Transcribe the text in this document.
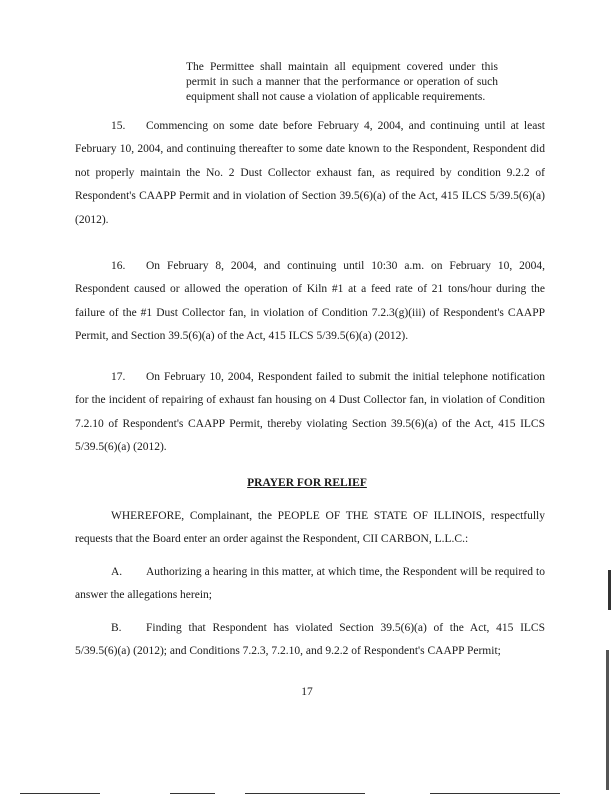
The Permittee shall maintain all equipment covered under this permit in such a manner that the performance or operation of such equipment shall not cause a violation of applicable requirements.
15. Commencing on some date before February 4, 2004, and continuing until at least February 10, 2004, and continuing thereafter to some date known to the Respondent, Respondent did not properly maintain the No. 2 Dust Collector exhaust fan, as required by condition 9.2.2 of Respondent's CAAPP Permit and in violation of Section 39.5(6)(a) of the Act, 415 ILCS 5/39.5(6)(a) (2012).
16. On February 8, 2004, and continuing until 10:30 a.m. on February 10, 2004, Respondent caused or allowed the operation of Kiln #1 at a feed rate of 21 tons/hour during the failure of the #1 Dust Collector fan, in violation of Condition 7.2.3(g)(iii) of Respondent's CAAPP Permit, and Section 39.5(6)(a) of the Act, 415 ILCS 5/39.5(6)(a) (2012).
17. On February 10, 2004, Respondent failed to submit the initial telephone notification for the incident of repairing of exhaust fan housing on 4 Dust Collector fan, in violation of Condition 7.2.10 of Respondent's CAAPP Permit, thereby violating Section 39.5(6)(a) of the Act, 415 ILCS 5/39.5(6)(a) (2012).
PRAYER FOR RELIEF
WHEREFORE, Complainant, the PEOPLE OF THE STATE OF ILLINOIS, respectfully requests that the Board enter an order against the Respondent, CII CARBON, L.L.C.:
A. Authorizing a hearing in this matter, at which time, the Respondent will be required to answer the allegations herein;
B. Finding that Respondent has violated Section 39.5(6)(a) of the Act, 415 ILCS 5/39.5(6)(a) (2012); and Conditions 7.2.3, 7.2.10, and 9.2.2 of Respondent's CAAPP Permit;
17
